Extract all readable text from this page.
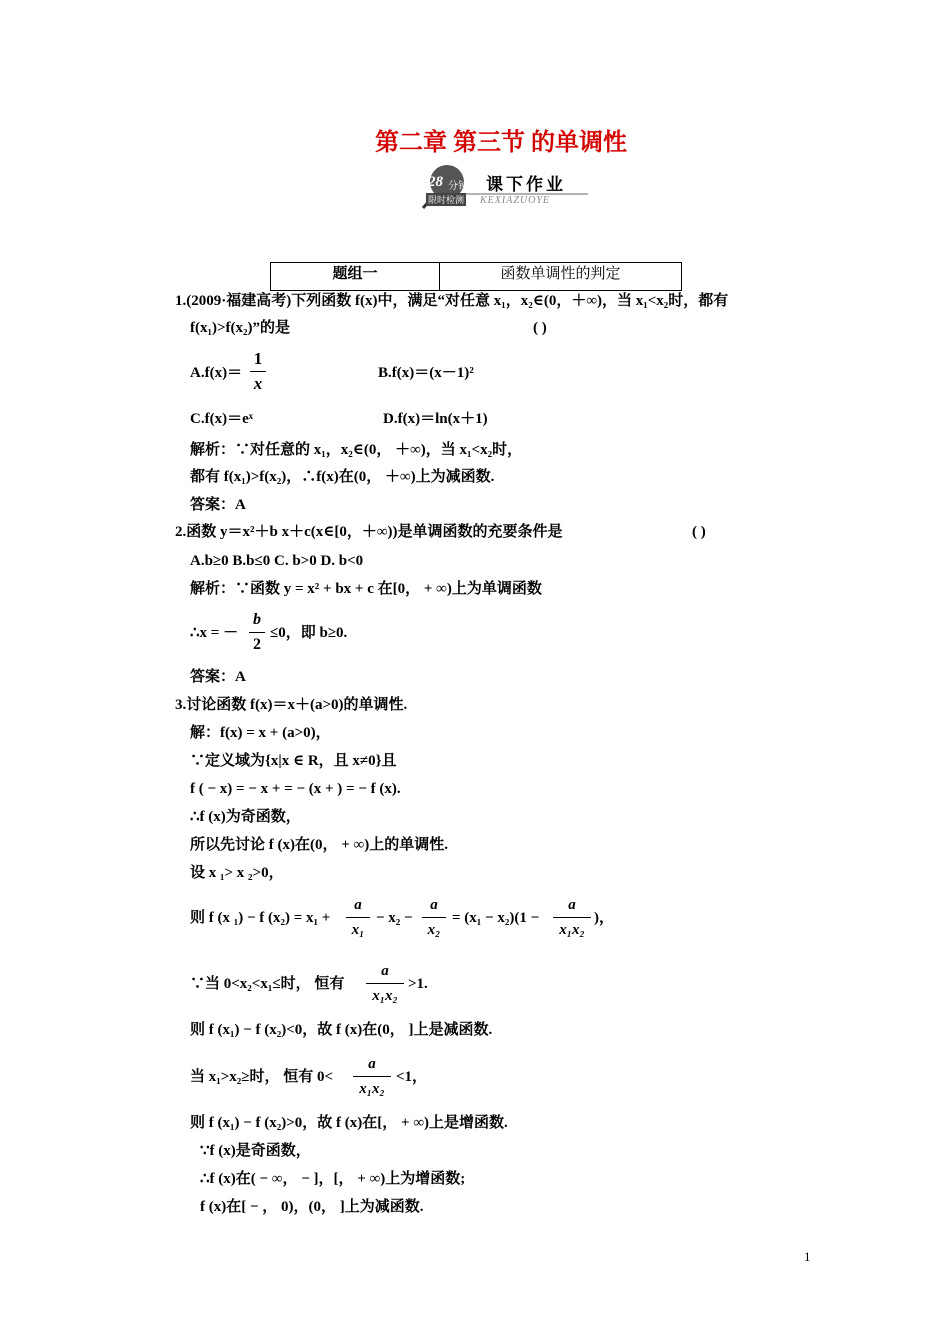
第二章 第三节 的单调性
28 分钟
限时检测
课下作业
KEXIAZUOYE
题组一	函数单调性的判定
1.(2009·福建高考)下列函数 f(x)中，满足“对任意 x₁，x₂∈(0，＋∞)，当 x₁<x₂时，都有
f(x₁)>f(x₂)”的是	( )
A.f(x)＝
1
x
B.f(x)＝(x－1)²
C.f(x)＝eˣ	D.f(x)＝ln(x＋1)
解析：∵对任意的 x₁，x₂∈(0， ＋∞)，当 x₁<x₂时，
都有 f(x₁)>f(x₂)，∴f(x)在(0， ＋∞)上为减函数.
答案：A
2.函数 y＝x²＋b x＋c(x∈[0，＋∞))是单调函数的充要条件是	( )
A.b≥0 B.b≤0 C. b>0 D. b<0
解析：∵函数 y = x² + bx + c 在[0， + ∞)上为单调函数
∴x = －
b
2
≤0，即 b≥0.
答案：A
3.讨论函数 f(x)＝x＋(a>0)的单调性.
解：f(x) = x + (a>0)，
∵定义域为{x|x ∈ R，且 x≠0}且
f ( − x) = − x + = − (x + ) = − f (x).
∴f (x)为奇函数，
所以先讨论 f (x)在(0， + ∞)上的单调性.
设 x ₁> x ₂>0，
则 f (x ₁) − f (x₂) = x₁ +
a
x₁
− x₂ −
a
x₂
= (x₁ − x₂)(1 −
a
x₁x₂
)，
∵当 0<x₂<x₁≤时， 恒有
a
x₁x₂
>1.
则 f (x₁) − f (x₂)<0，故 f (x)在(0， ]上是减函数.
当 x₁>x₂≥时， 恒有 0<
a
x₁x₂
<1，
则 f (x₁) − f (x₂)>0，故 f (x)在[， + ∞)上是增函数.
∵f (x)是奇函数，
∴f (x)在( − ∞， − ]，[， + ∞)上为增函数;
f (x)在[ − ， 0)，(0， ]上为减函数.
1
